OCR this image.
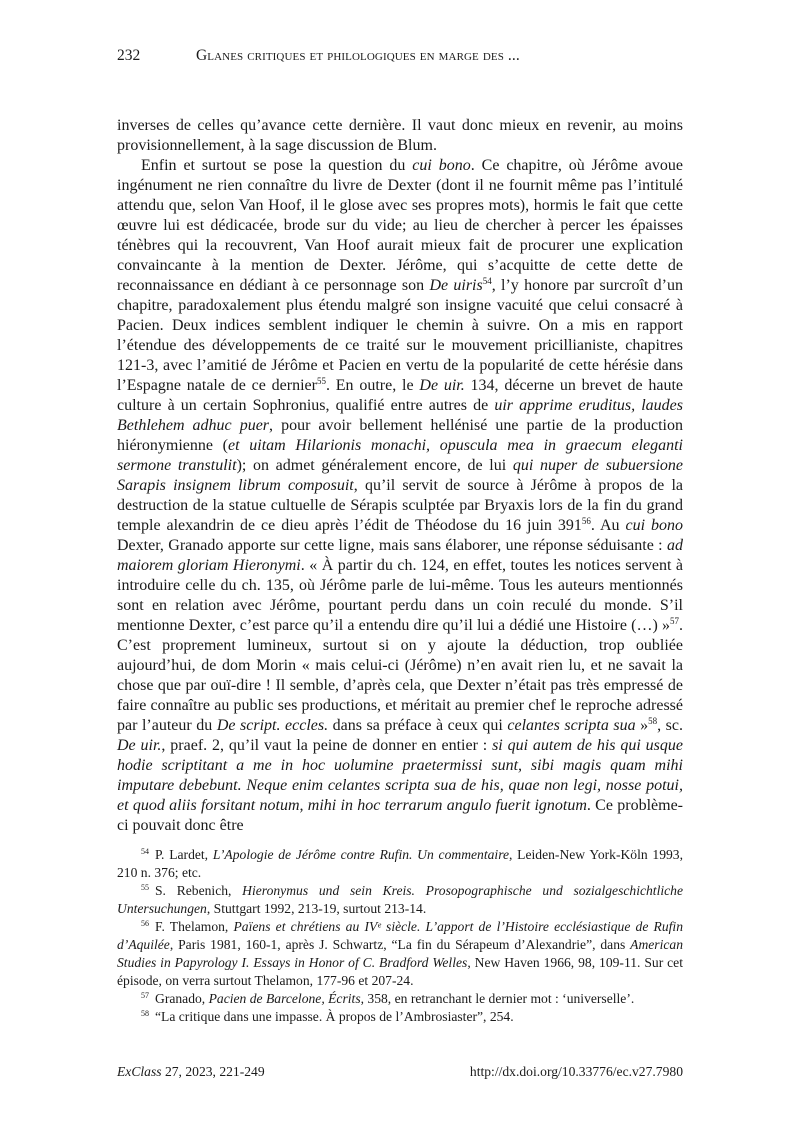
232	Glanes critiques et philologiques en marge des ...

inverses de celles qu’avance cette dernière. Il vaut donc mieux en revenir, au moins provisionnellement, à la sage discussion de Blum.

Enfin et surtout se pose la question du cui bono. Ce chapitre, où Jérôme avoue ingénument ne rien connaître du livre de Dexter (dont il ne fournit même pas l’intitulé attendu que, selon Van Hoof, il le glose avec ses propres mots), hormis le fait que cette œuvre lui est dédicacée, brode sur du vide; au lieu de chercher à percer les épaisses ténèbres qui la recouvrent, Van Hoof aurait mieux fait de procurer une explication convaincante à la mention de Dexter. Jérôme, qui s’acquitte de cette dette de reconnaissance en dédiant à ce personnage son De uiris$^{54}$, l’y honore par surcroît d’un chapitre, paradoxalement plus étendu malgré son insigne vacuité que celui consacré à Pacien. Deux indices semblent indiquer le chemin à suivre. On a mis en rapport l’étendue des développements de ce traité sur le mouvement pricillianiste, chapitres 121-3, avec l’amitié de Jérôme et Pacien en vertu de la popularité de cette hérésie dans l’Espagne natale de ce dernier$^{55}$. En outre, le De uir. 134, décerne un brevet de haute culture à un certain Sophronius, qualifié entre autres de uir apprime eruditus, laudes Bethlehem adhuc puer, pour avoir bellement hellénisé une partie de la production hiéronymienne (et uitam Hilarionis monachi, opuscula mea in graecum eleganti sermone transtulit); on admet généralement encore, de lui qui nuper de subuersione Sarapis insignem librum composuit, qu’il servit de source à Jérôme à propos de la destruction de la statue cultuelle de Sérapis sculptée par Bryaxis lors de la fin du grand temple alexandrin de ce dieu après l’édit de Théodose du 16 juin $391^{56}$. Au cui bono Dexter, Granado apporte sur cette ligne, mais sans élaborer, une réponse séduisante : ad maiorem gloriam Hieronymi. « À partir du ch. 124, en effet, toutes les notices servent à introduire celle du ch. 135, où Jérôme parle de lui-même. Tous les auteurs mentionnés sont en relation avec Jérôme, pourtant perdu dans un coin reculé du monde. S’il mentionne Dexter, c’est parce qu’il a entendu dire qu’il lui a dédié une Histoire (…) »$^{57}$. C’est proprement lumineux, surtout si on y ajoute la déduction, trop oubliée aujourd’hui, de dom Morin « mais celui-ci (Jérôme) n’en avait rien lu, et ne savait la chose que par ouï-dire ! Il semble, d’après cela, que Dexter n’était pas très empressé de faire connaître au public ses productions, et méritait au premier chef le reproche adressé par l’auteur du De script. eccles. dans sa préface à ceux qui celantes scripta sua »$^{58}$, sc. De uir., praef. 2, qu’il vaut la peine de donner en entier : si qui autem de his qui usque hodie scriptitant a me in hoc uolumine praetermissi sunt, sibi magis quam mihi imputare debebunt. Neque enim celantes scripta sua de his, quae non legi, nosse potui, et quod aliis forsitant notum, mihi in hoc terrarum angulo fuerit ignotum. Ce problème-ci pouvait donc être

$^{54}$ P. Lardet, L’Apologie de Jérôme contre Rufin. Un commentaire, Leiden-New York-Köln 1993, 210 n. 376; etc.

$^{55}$ S. Rebenich, Hieronymus und sein Kreis. Prosopographische und sozialgeschichtliche Untersuchungen, Stuttgart 1992, 213-19, surtout 213-14.

$^{56}$ F. Thelamon, Païens et chrétiens au IVᵉ siècle. L’apport de l’Histoire ecclésiastique de Rufin d’Aquilée, Paris 1981, 160-1, après J. Schwartz, “La fin du Sérapeum d’Alexandrie”, dans American Studies in Papyrology I. Essays in Honor of C. Bradford Welles, New Haven 1966, 98, 109-11. Sur cet épisode, on verra surtout Thelamon, 177-96 et 207-24.

$^{57}$ Granado, Pacien de Barcelone, Écrits, 358, en retranchant le dernier mot : ‘universelle’.

$^{58}$ “La critique dans une impasse. À propos de l’Ambrosiaster”, 254.

ExClass 27, 2023, 221-249	http://dx.doi.org/10.33776/ec.v27.7980
